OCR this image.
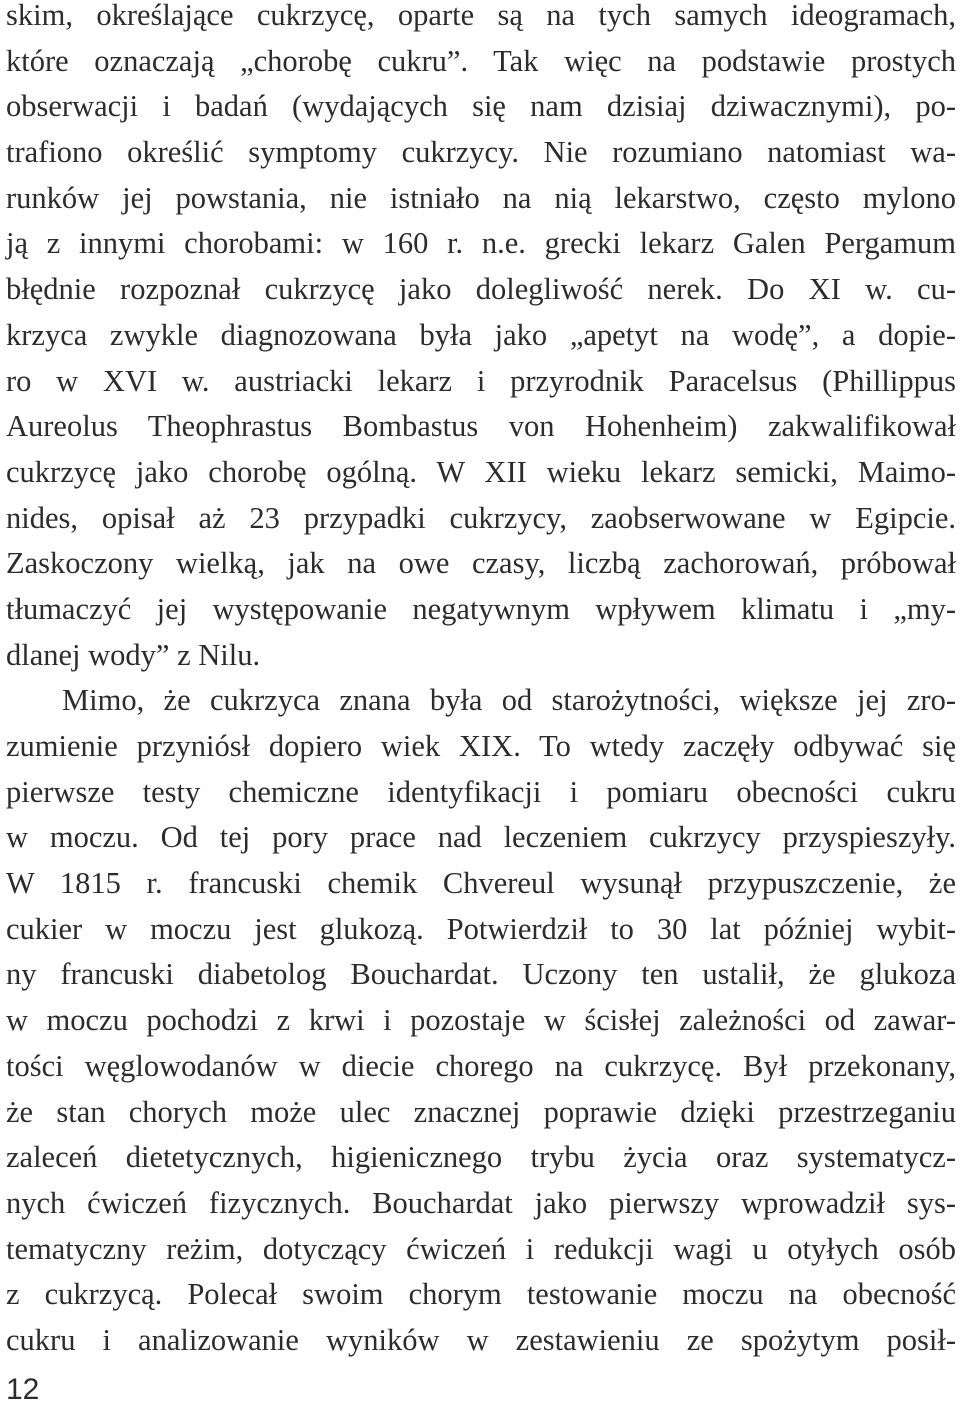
skim, określające cukrzycę, oparte są na tych samych ideogramach,
które oznaczają „chorobę cukru”. Tak więc na podstawie prostych
obserwacji i badań (wydających się nam dzisiaj dziwacznymi), po-
trafiono określić symptomy cukrzycy. Nie rozumiano natomiast wa-
runków jej powstania, nie istniało na nią lekarstwo, często mylono
ją z innymi chorobami: w 160 r. n.e. grecki lekarz Galen Pergamum
błędnie rozpoznał cukrzycę jako dolegliwość nerek. Do XI w. cu-
krzyca zwykle diagnozowana była jako „apetyt na wodę”, a dopie-
ro w XVI w. austriacki lekarz i przyrodnik Paracelsus (Phillippus
Aureolus Theophrastus Bombastus von Hohenheim) zakwalifikował
cukrzycę jako chorobę ogólną. W XII wieku lekarz semicki, Maimo-
nides, opisał aż 23 przypadki cukrzycy, zaobserwowane w Egipcie.
Zaskoczony wielką, jak na owe czasy, liczbą zachorowań, próbował
tłumaczyć jej występowanie negatywnym wpływem klimatu i „my-
dlanej wody” z Nilu.
Mimo, że cukrzyca znana była od starożytności, większe jej zro-
zumienie przyniósł dopiero wiek XIX. To wtedy zaczęły odbywać się
pierwsze testy chemiczne identyfikacji i pomiaru obecności cukru
w moczu. Od tej pory prace nad leczeniem cukrzycy przyspieszyły.
W 1815 r. francuski chemik Chvereul wysunął przypuszczenie, że
cukier w moczu jest glukozą. Potwierdził to 30 lat później wybit-
ny francuski diabetolog Bouchardat. Uczony ten ustalił, że glukoza
w moczu pochodzi z krwi i pozostaje w ścisłej zależności od zawar-
tości węglowodanów w diecie chorego na cukrzycę. Był przekonany,
że stan chorych może ulec znacznej poprawie dzięki przestrzeganiu
zaleceń dietetycznych, higienicznego trybu życia oraz systematycz-
nych ćwiczeń fizycznych. Bouchardat jako pierwszy wprowadził sys-
tematyczny reżim, dotyczący ćwiczeń i redukcji wagi u otyłych osób
z cukrzycą. Polecał swoim chorym testowanie moczu na obecność
cukru i analizowanie wyników w zestawieniu ze spożytym posił-
12
